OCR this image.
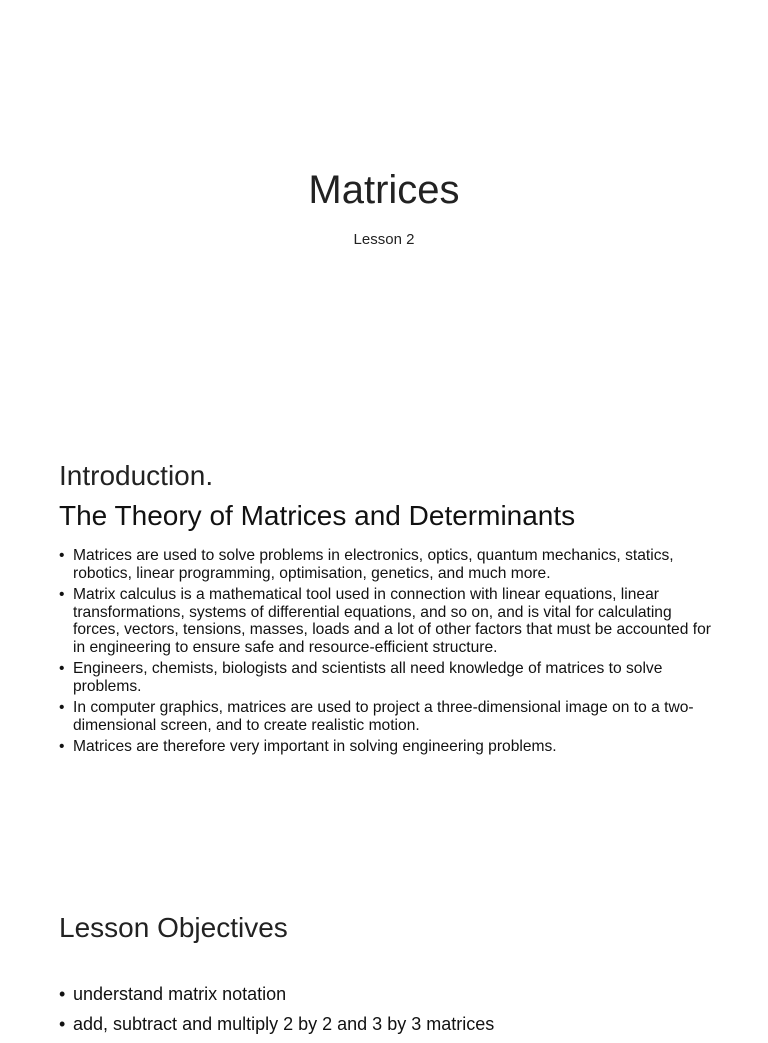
Matrices
Lesson 2
Introduction.
The Theory of Matrices and Determinants
• Matrices are used to solve problems in electronics, optics, quantum mechanics, statics, robotics, linear programming, optimisation, genetics, and much more.
• Matrix calculus is a mathematical tool used in connection with linear equations, linear transformations, systems of differential equations, and so on, and is vital for calculating forces, vectors, tensions, masses, loads and a lot of other factors that must be accounted for in engineering to ensure safe and resource-efficient structure.
• Engineers, chemists, biologists and scientists all need knowledge of matrices to solve problems.
• In computer graphics, matrices are used to project a three-dimensional image on to a two-dimensional screen, and to create realistic motion.
• Matrices are therefore very important in solving engineering problems.
Lesson Objectives
• understand matrix notation
• add, subtract and multiply 2 by 2 and 3 by 3 matrices
